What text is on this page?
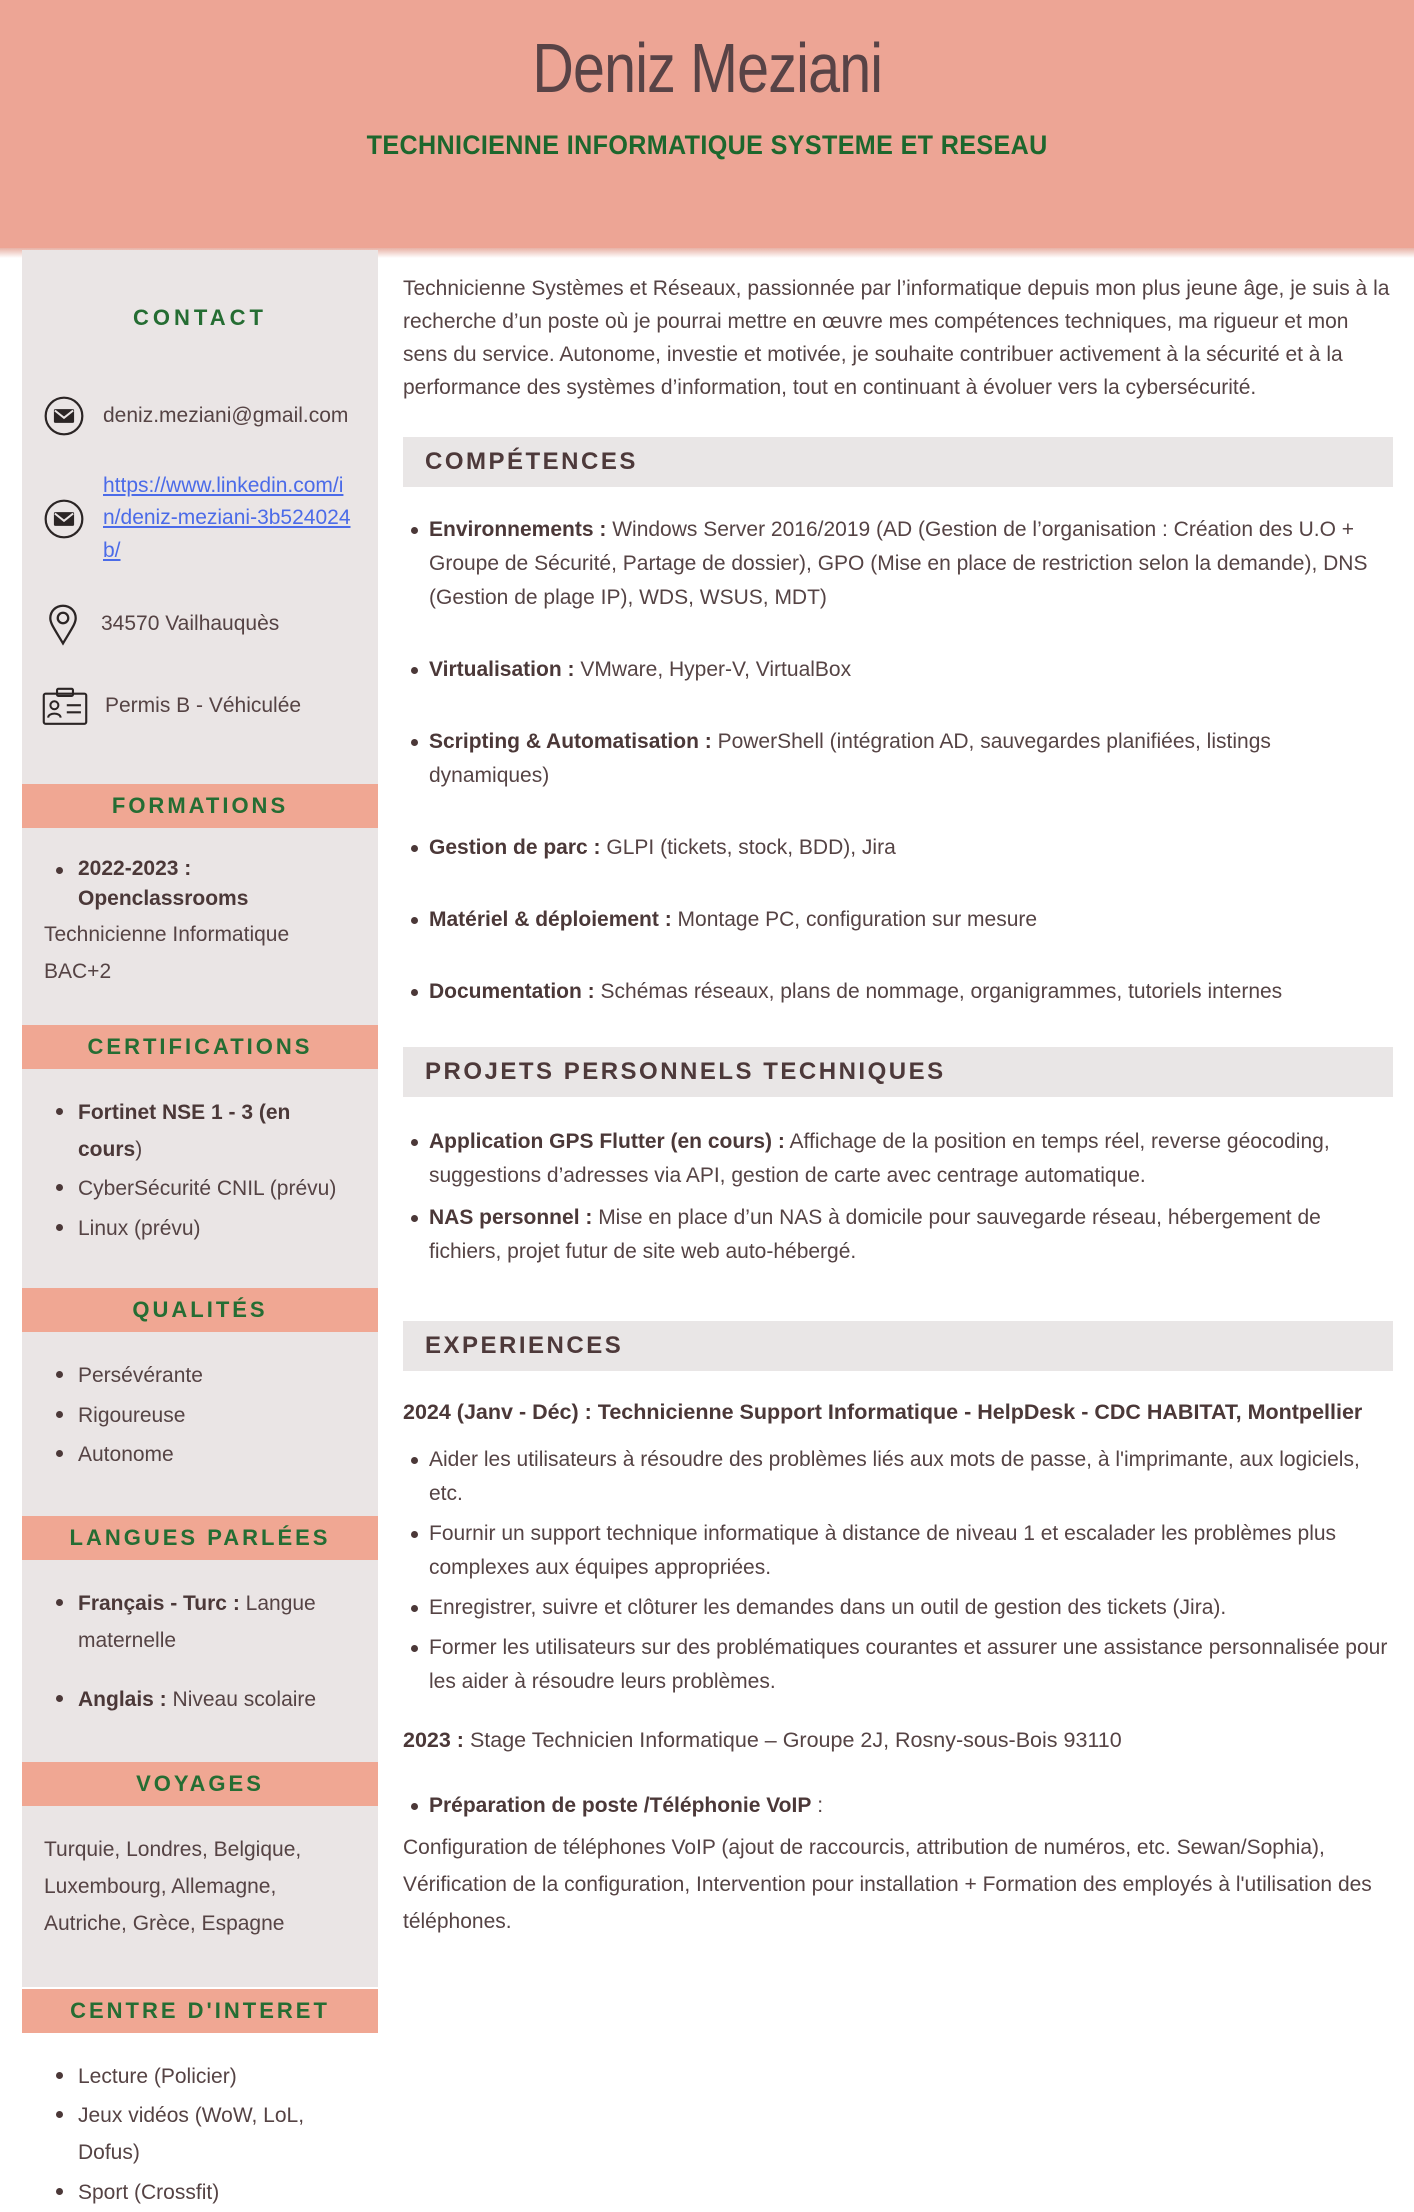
Deniz Meziani
TECHNICIENNE INFORMATIQUE SYSTEME ET RESEAU
CONTACT
deniz.meziani@gmail.com
https://www.linkedin.com/in/deniz-meziani-3b524024b/
34570 Vailhauquès
Permis B - Véhiculée
FORMATIONS
2022-2023 : Openclassrooms
Technicienne Informatique
BAC+2
CERTIFICATIONS
Fortinet NSE 1 - 3 (en cours)
CyberSécurité CNIL (prévu)
Linux (prévu)
QUALITÉS
Persévérante
Rigoureuse
Autonome
LANGUES PARLÉES
Français - Turc : Langue maternelle
Anglais : Niveau scolaire
VOYAGES
Turquie, Londres, Belgique, Luxembourg, Allemagne, Autriche, Grèce, Espagne
CENTRE D'INTERET
Lecture (Policier)
Jeux vidéos (WoW, LoL, Dofus)
Sport (Crossfit)

Technicienne Systèmes et Réseaux, passionnée par l’informatique depuis mon plus jeune âge, je suis à la recherche d’un poste où je pourrai mettre en œuvre mes compétences techniques, ma rigueur et mon sens du service. Autonome, investie et motivée, je souhaite contribuer activement à la sécurité et à la performance des systèmes d’information, tout en continuant à évoluer vers la cybersécurité.

COMPÉTENCES
Environnements : Windows Server 2016/2019 (AD (Gestion de l’organisation : Création des U.O + Groupe de Sécurité, Partage de dossier), GPO (Mise en place de restriction selon la demande), DNS (Gestion de plage IP), WDS, WSUS, MDT)
Virtualisation : VMware, Hyper-V, VirtualBox
Scripting & Automatisation : PowerShell (intégration AD, sauvegardes planifiées, listings dynamiques)
Gestion de parc : GLPI (tickets, stock, BDD), Jira
Matériel & déploiement : Montage PC, configuration sur mesure
Documentation : Schémas réseaux, plans de nommage, organigrammes, tutoriels internes
PROJETS PERSONNELS TECHNIQUES
Application GPS Flutter (en cours) : Affichage de la position en temps réel, reverse géocoding, suggestions d’adresses via API, gestion de carte avec centrage automatique.
NAS personnel : Mise en place d’un NAS à domicile pour sauvegarde réseau, hébergement de fichiers, projet futur de site web auto-hébergé.
EXPERIENCES
2024 (Janv - Déc) : Technicienne Support Informatique - HelpDesk - CDC HABITAT, Montpellier
Aider les utilisateurs à résoudre des problèmes liés aux mots de passe, à l'imprimante, aux logiciels, etc.
Fournir un support technique informatique à distance de niveau 1 et escalader les problèmes plus complexes aux équipes appropriées.
Enregistrer, suivre et clôturer les demandes dans un outil de gestion des tickets (Jira).
Former les utilisateurs sur des problématiques courantes et assurer une assistance personnalisée pour les aider à résoudre leurs problèmes.
2023 : Stage Technicien Informatique – Groupe 2J, Rosny-sous-Bois 93110
Préparation de poste /Téléphonie VoIP :

Configuration de téléphones VoIP (ajout de raccourcis, attribution de numéros, etc. Sewan/Sophia), Vérification de la configuration, Intervention pour installation + Formation des employés à l'utilisation des téléphones.
